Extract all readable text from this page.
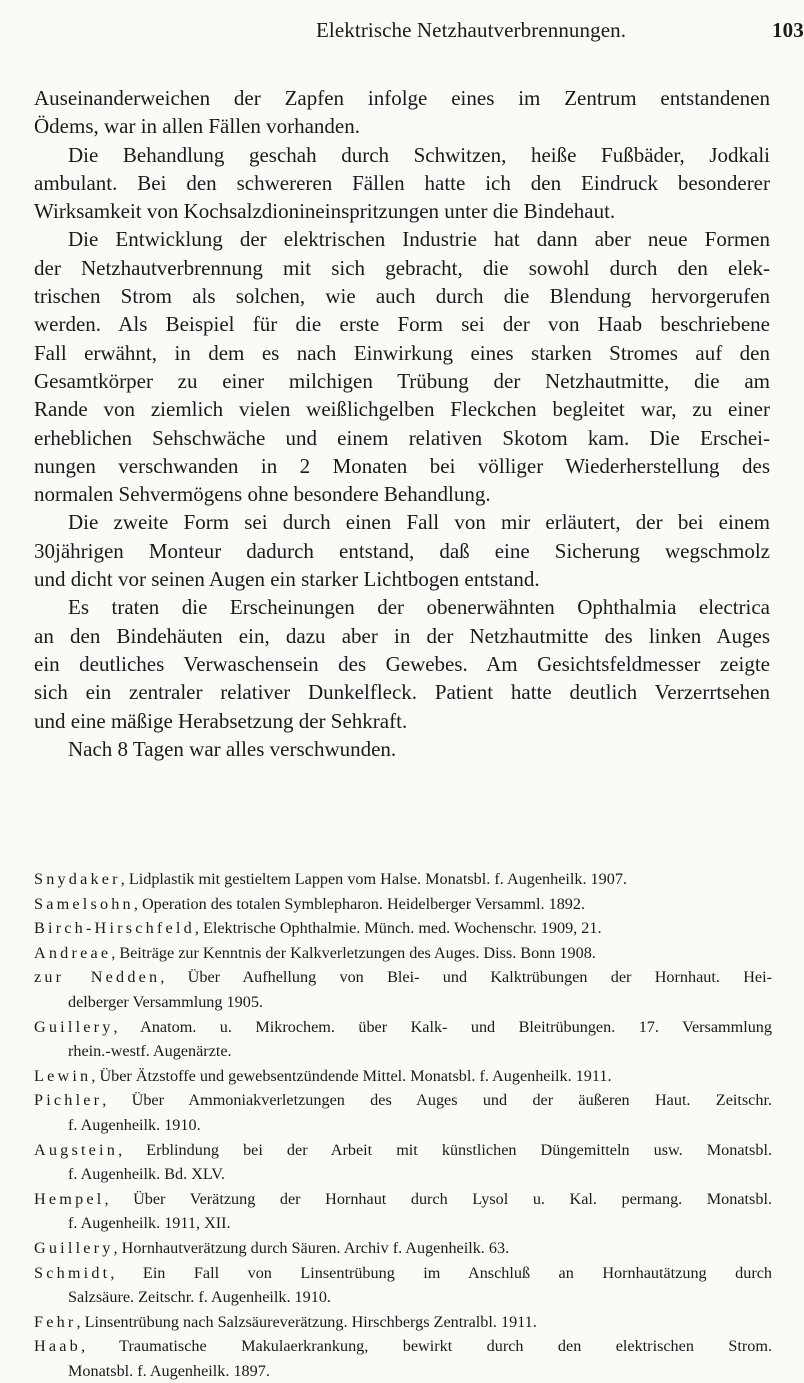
Elektrische Netzhautverbrennungen.	103
Auseinanderweichen der Zapfen infolge eines im Zentrum entstandenen
Ödems, war in allen Fällen vorhanden.
Die Behandlung geschah durch Schwitzen, heiße Fußbäder, Jodkali
ambulant. Bei den schwereren Fällen hatte ich den Eindruck besonderer
Wirksamkeit von Kochsalzdionineinspritzungen unter die Bindehaut.
Die Entwicklung der elektrischen Industrie hat dann aber neue Formen
der Netzhautverbrennung mit sich gebracht, die sowohl durch den elek-
trischen Strom als solchen, wie auch durch die Blendung hervorgerufen
werden. Als Beispiel für die erste Form sei der von Haab beschriebene
Fall erwähnt, in dem es nach Einwirkung eines starken Stromes auf den
Gesamtkörper zu einer milchigen Trübung der Netzhautmitte, die am
Rande von ziemlich vielen weißlichgelben Fleckchen begleitet war, zu einer
erheblichen Sehschwäche und einem relativen Skotom kam. Die Erschei-
nungen verschwanden in 2 Monaten bei völliger Wiederherstellung des
normalen Sehvermögens ohne besondere Behandlung.
Die zweite Form sei durch einen Fall von mir erläutert, der bei einem
30jährigen Monteur dadurch entstand, daß eine Sicherung wegschmolz
und dicht vor seinen Augen ein starker Lichtbogen entstand.
Es traten die Erscheinungen der obenerwähnten Ophthalmia electrica
an den Bindehäuten ein, dazu aber in der Netzhautmitte des linken Auges
ein deutliches Verwaschensein des Gewebes. Am Gesichtsfeldmesser zeigte
sich ein zentraler relativer Dunkelfleck. Patient hatte deutlich Verzerrtsehen
und eine mäßige Herabsetzung der Sehkraft.
Nach 8 Tagen war alles verschwunden.
Snydaker, Lidplastik mit gestieltem Lappen vom Halse. Monatsbl. f. Augenheilk. 1907.
Samelsohn, Operation des totalen Symblepharon. Heidelberger Versamml. 1892.
Birch-Hirschfeld, Elektrische Ophthalmie. Münch. med. Wochenschr. 1909, 21.
Andreae, Beiträge zur Kenntnis der Kalkverletzungen des Auges. Diss. Bonn 1908.
zur Nedden, Über Aufhellung von Blei- und Kalktrübungen der Hornhaut. Hei-
delberger Versammlung 1905.
Guillery, Anatom. u. Mikrochem. über Kalk- und Bleitrübungen. 17. Versammlung
rhein.-westf. Augenärzte.
Lewin, Über Ätzstoffe und gewebsentzündende Mittel. Monatsbl. f. Augenheilk. 1911.
Pichler, Über Ammoniakverletzungen des Auges und der äußeren Haut. Zeitschr.
f. Augenheilk. 1910.
Augstein, Erblindung bei der Arbeit mit künstlichen Düngemitteln usw. Monatsbl.
f. Augenheilk. Bd. XLV.
Hempel, Über Verätzung der Hornhaut durch Lysol u. Kal. permang. Monatsbl.
f. Augenheilk. 1911, XII.
Guillery, Hornhautverätzung durch Säuren. Archiv f. Augenheilk. 63.
Schmidt, Ein Fall von Linsentrübung im Anschluß an Hornhautätzung durch
Salzsäure. Zeitschr. f. Augenheilk. 1910.
Fehr, Linsentrübung nach Salzsäureverätzung. Hirschbergs Zentralbl. 1911.
Haab, Traumatische Makulaerkrankung, bewirkt durch den elektrischen Strom.
Monatsbl. f. Augenheilk. 1897.
